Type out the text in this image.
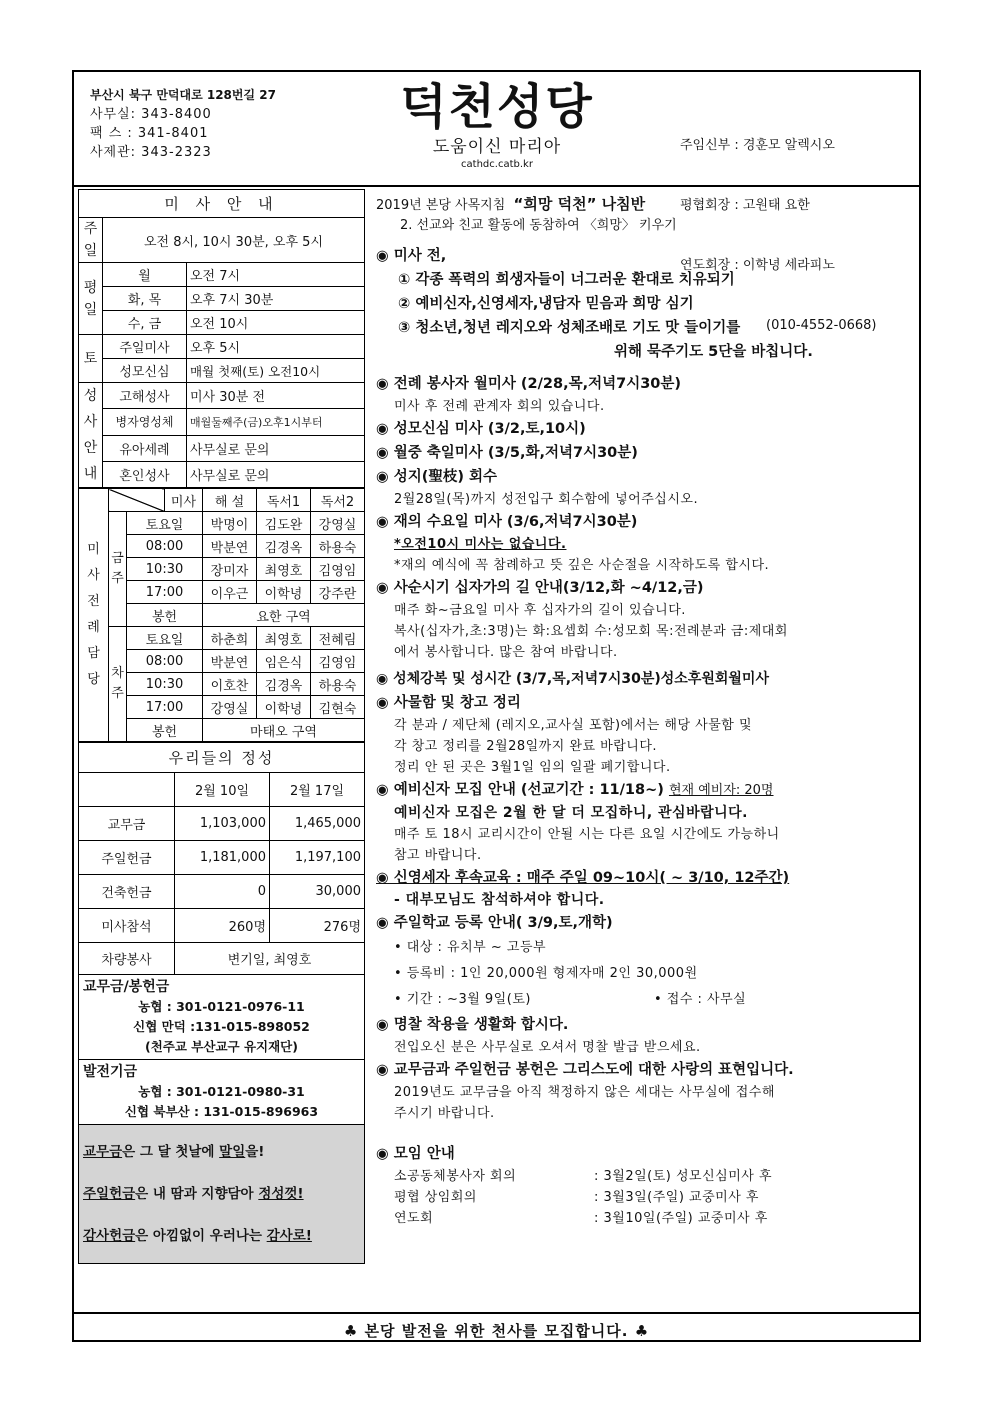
부산시 북구 만덕대로 128번길 27
사무실: 343-8400
팩 스 : 341-8401
사제관: 343-2323
덕천성당
도움이신 마리아
cathdc.catb.kr

주임신부 : 경훈모 알렉시오

평협회장 : 고원태 요한

연도회장 : 이학녕 세라피노

(010-4552-0668)

미 사 안 내		
주일	오전 8시, 10시 30분, 오후 5시	
평일	월	오전 7시
	화, 목	오후 7시 30분
	수, 금	오전 10시
토	주일미사	오후 5시
	성모신심	매월 첫째(토) 오전10시
성사안내	고해성사	미사 30분 전
	병자영성체	매월둘째주(금)오후1시부터
	유아세례	사무실로 문의
	혼인성사	사무실로 문의
미사전례담당			미사	해 설	독서1	독서2
	금주	토요일		박명이	김도완	강영실
		08:00		박분연	김경옥	하용숙
		10:30		장미자	최영호	김영임
		17:00		이우근	이학녕	강주란
		봉헌		요한 구역		
	차주	토요일		하춘희	최영호	전혜림
		08:00		박분연	임은식	김영임
		10:30		이호찬	김경옥	하용숙
		17:00		강영실	이학녕	김현숙
		봉헌		마태오 구역		
우리들의 정성		
	2월 10일	2월 17일
교무금	1,103,000	1,465,000
주일헌금	1,181,000	1,197,100
건축헌금	0	30,000
미사참석	260명	276명
차량봉사	변기일, 최영호	
교무금/봉헌금
농협 : 301-0121-0976-11
신협 만덕 :131-015-898052
(천주교 부산교구 유지재단)
발전기금
농협 : 301-0121-0980-31
신협 북부산 : 131-015-896963
교무금은 그 달 첫날에 말일을!
주일헌금은 내 땀과 지향담아 정성껏!
감사헌금은 아낌없이 우러나는 감사로!
2019년 본당 사목지침 “희망 덕천” 나침반
2. 선교와 친교 활동에 동참하여 〈희망〉 키우기
◉ 미사 전,
① 각종 폭력의 희생자들이 너그러운 환대로 치유되기
② 예비신자,신영세자,냉담자 믿음과 희망 심기
③ 청소년,청년 레지오와 성체조배로 기도 맛 들이기를
위해 묵주기도 5단을 바칩니다.
◉ 전례 봉사자 월미사 (2/28,목,저녁7시30분)
미사 후 전례 관계자 회의 있습니다.
◉ 성모신심 미사 (3/2,토,10시)
◉ 월중 축일미사 (3/5,화,저녁7시30분)
◉ 성지(聖枝) 회수
2월28일(목)까지 성전입구 회수함에 넣어주십시오.
◉ 재의 수요일 미사 (3/6,저녁7시30분)
*오전10시 미사는 없습니다.
*재의 예식에 꼭 참례하고 뜻 깊은 사순절을 시작하도록 합시다.
◉ 사순시기 십자가의 길 안내(3/12,화 ~4/12,금)
매주 화~금요일 미사 후 십자가의 길이 있습니다.
복사(십자가,초:3명)는 화:요셉회 수:성모회 목:전례분과 금:제대회
에서 봉사합니다. 많은 참여 바랍니다.
◉ 성체강복 및 성시간 (3/7,목,저녁7시30분)성소후원회월미사
◉ 사물함 및 창고 정리
각 분과 / 제단체 (레지오,교사실 포함)에서는 해당 사물함 및
각 창고 정리를 2월28일까지 완료 바랍니다.
정리 안 된 곳은 3월1일 임의 일괄 폐기합니다.
◉ 예비신자 모집 안내 (선교기간 : 11/18~) 현재 예비자: 20명
예비신자 모집은 2월 한 달 더 모집하니, 관심바랍니다.
매주 토 18시 교리시간이 안될 시는 다른 요일 시간에도 가능하니
참고 바랍니다.
◉ 신영세자 후속교육 : 매주 주일 09~10시( ~ 3/10, 12주간)
- 대부모님도 참석하셔야 합니다.
◉ 주일학교 등록 안내( 3/9,토,개학)
• 대상 : 유치부 ~ 고등부
• 등록비 : 1인 20,000원 형제자매 2인 30,000원
• 기간 : ~3월 9일(토)	• 접수 : 사무실
◉ 명찰 착용을 생활화 합시다.
전입오신 분은 사무실로 오셔서 명찰 발급 받으세요.
◉ 교무금과 주일헌금 봉헌은 그리스도에 대한 사랑의 표현입니다.
2019년도 교무금을 아직 책정하지 않은 세대는 사무실에 접수해
주시기 바랍니다.
◉ 모임 안내
소공동체봉사자 회의	: 3월2일(토) 성모신심미사 후
평협 상임회의	: 3월3일(주일) 교중미사 후
연도회	: 3월10일(주일) 교중미사 후
♣ 본당 발전을 위한 천사를 모집합니다. ♣
